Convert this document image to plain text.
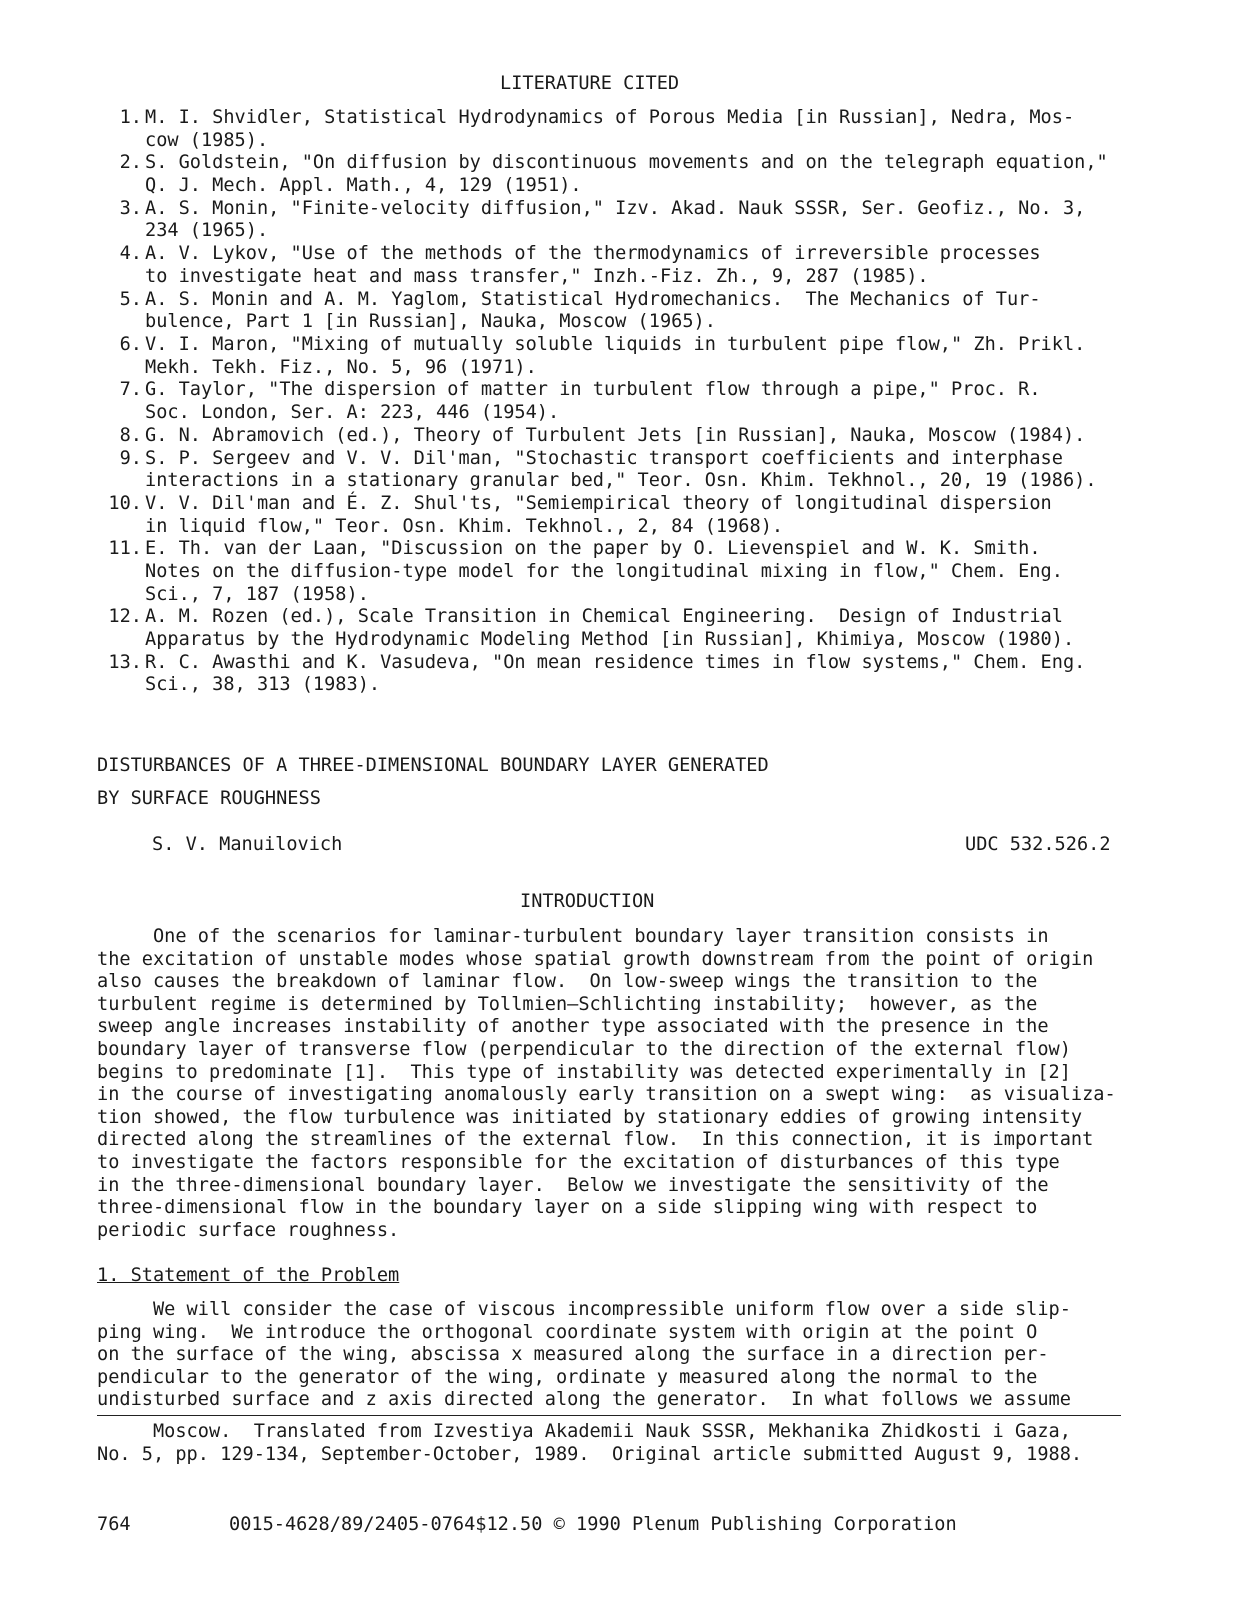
LITERATURE CITED
1. M. I. Shvidler, Statistical Hydrodynamics of Porous Media [in Russian], Nedra, Mos-
cow (1985).
2. S. Goldstein, "On diffusion by discontinuous movements and on the telegraph equation,"
Q. J. Mech. Appl. Math., 4, 129 (1951).
3. A. S. Monin, "Finite-velocity diffusion," Izv. Akad. Nauk SSSR, Ser. Geofiz., No. 3,
234 (1965).
4. A. V. Lykov, "Use of the methods of the thermodynamics of irreversible processes
to investigate heat and mass transfer," Inzh.-Fiz. Zh., 9, 287 (1985).
5. A. S. Monin and A. M. Yaglom, Statistical Hydromechanics.  The Mechanics of Tur-
bulence, Part 1 [in Russian], Nauka, Moscow (1965).
6. V. I. Maron, "Mixing of mutually soluble liquids in turbulent pipe flow," Zh. Prikl.
Mekh. Tekh. Fiz., No. 5, 96 (1971).
7. G. Taylor, "The dispersion of matter in turbulent flow through a pipe," Proc. R.
Soc. London, Ser. A: 223, 446 (1954).
8. G. N. Abramovich (ed.), Theory of Turbulent Jets [in Russian], Nauka, Moscow (1984).
9. S. P. Sergeev and V. V. Dil'man, "Stochastic transport coefficients and interphase
interactions in a stationary granular bed," Teor. Osn. Khim. Tekhnol., 20, 19 (1986).
10. V. V. Dil'man and É. Z. Shul'ts, "Semiempirical theory of longitudinal dispersion
in liquid flow," Teor. Osn. Khim. Tekhnol., 2, 84 (1968).
11. E. Th. van der Laan, "Discussion on the paper by O. Lievenspiel and W. K. Smith.
Notes on the diffusion-type model for the longitudinal mixing in flow," Chem. Eng.
Sci., 7, 187 (1958).
12. A. M. Rozen (ed.), Scale Transition in Chemical Engineering.  Design of Industrial
Apparatus by the Hydrodynamic Modeling Method [in Russian], Khimiya, Moscow (1980).
13. R. C. Awasthi and K. Vasudeva, "On mean residence times in flow systems," Chem. Eng.
Sci., 38, 313 (1983).
DISTURBANCES OF A THREE-DIMENSIONAL BOUNDARY LAYER GENERATED
BY SURFACE ROUGHNESS
S. V. Manuilovich	UDC 532.526.2
INTRODUCTION
One of the scenarios for laminar-turbulent boundary layer transition consists in
the excitation of unstable modes whose spatial growth downstream from the point of origin
also causes the breakdown of laminar flow.  On low-sweep wings the transition to the
turbulent regime is determined by Tollmien—Schlichting instability;  however, as the
sweep angle increases instability of another type associated with the presence in the
boundary layer of transverse flow (perpendicular to the direction of the external flow)
begins to predominate [1].  This type of instability was detected experimentally in [2]
in the course of investigating anomalously early transition on a swept wing:  as visualiza-
tion showed, the flow turbulence was initiated by stationary eddies of growing intensity
directed along the streamlines of the external flow.  In this connection, it is important
to investigate the factors responsible for the excitation of disturbances of this type
in the three-dimensional boundary layer.  Below we investigate the sensitivity of the
three-dimensional flow in the boundary layer on a side slipping wing with respect to
periodic surface roughness.
1. Statement of the Problem
We will consider the case of viscous incompressible uniform flow over a side slip-
ping wing.  We introduce the orthogonal coordinate system with origin at the point O
on the surface of the wing, abscissa x measured along the surface in a direction per-
pendicular to the generator of the wing, ordinate y measured along the normal to the
undisturbed surface and z axis directed along the generator.  In what follows we assume
Moscow.  Translated from Izvestiya Akademii Nauk SSSR, Mekhanika Zhidkosti i Gaza,
No. 5, pp. 129-134, September-October, 1989.  Original article submitted August 9, 1988.
764	0015-4628/89/2405-0764$12.50 © 1990 Plenum Publishing Corporation
